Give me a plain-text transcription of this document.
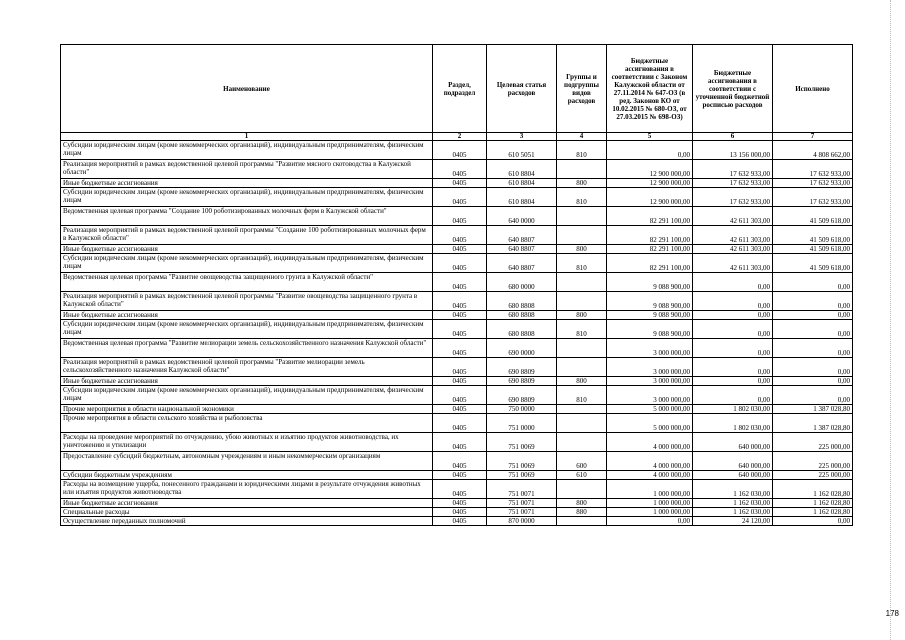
Наименование	Раздел, подраздел	Целевая статья расходов	Группы и подгруппы видов расходов	Бюджетные ассигнования в соответствии с Законом Калужской области от 27.11.2014 № 647-ОЗ (в ред. Законов КО от 10.02.2015 № 680-ОЗ, от 27.03.2015 № 698-ОЗ)	Бюджетные ассигнования в соответствии с уточненной бюджетной росписью расходов	Исполнено
1	2	3	4	5	6	7
Субсидии юридическим лицам (кроме некоммерческих организаций), индивидуальным предпринимателям, физическим лицам	0405	610 5051	810	0,00	13 156 000,00	4 808 662,00
Реализация мероприятий в рамках ведомственной целевой программы "Развитие мясного скотоводства в Калужской области"	0405	610 8804		12 900 000,00	17 632 933,00	17 632 933,00
Иные бюджетные ассигнования	0405	610 8804	800	12 900 000,00	17 632 933,00	17 632 933,00
Субсидии юридическим лицам (кроме некоммерческих организаций), индивидуальным предпринимателям, физическим лицам	0405	610 8804	810	12 900 000,00	17 632 933,00	17 632 933,00
Ведомственная целевая программа "Создание 100 роботизированных молочных ферм в Калужской области"	0405	640 0000		82 291 100,00	42 611 303,00	41 509 618,00
Реализация мероприятий в рамках ведомственной целевой программы "Создание 100 роботизированных молочных ферм в Калужской области"	0405	640 8807		82 291 100,00	42 611 303,00	41 509 618,00
Иные бюджетные ассигнования	0405	640 8807	800	82 291 100,00	42 611 303,00	41 509 618,00
Субсидии юридическим лицам (кроме некоммерческих организаций), индивидуальным предпринимателям, физическим лицам	0405	640 8807	810	82 291 100,00	42 611 303,00	41 509 618,00
Ведомственная целевая программа "Развитие овощеводства защищенного грунта в Калужской области"	0405	680 0000		9 088 900,00	0,00	0,00
Реализация мероприятий в рамках ведомственной целевой программы "Развитие овощеводства защищенного грунта в Калужской области"	0405	680 8808		9 088 900,00	0,00	0,00
Иные бюджетные ассигнования	0405	680 8808	800	9 088 900,00	0,00	0,00
Субсидии юридическим лицам (кроме некоммерческих организаций), индивидуальным предпринимателям, физическим лицам	0405	680 8808	810	9 088 900,00	0,00	0,00
Ведомственная целевая программа "Развитие мелиорации земель сельскохозяйственного назначения Калужской области"	0405	690 0000		3 000 000,00	0,00	0,00
Реализация мероприятий в рамках ведомственной целевой программы "Развитие мелиорации земель сельскохозяйственного назначения Калужской области"	0405	690 8809		3 000 000,00	0,00	0,00
Иные бюджетные ассигнования	0405	690 8809	800	3 000 000,00	0,00	0,00
Субсидии юридическим лицам (кроме некоммерческих организаций), индивидуальным предпринимателям, физическим лицам	0405	690 8809	810	3 000 000,00	0,00	0,00
Прочие мероприятия в области национальной экономики	0405	750 0000		5 000 000,00	1 802 030,00	1 387 028,80
Прочие мероприятия в области сельского хозяйства и рыболовства	0405	751 0000		5 000 000,00	1 802 030,00	1 387 028,80
Расходы на проведение мероприятий по отчуждению, убою животных и изъятию продуктов животноводства, их уничтожению и утилизации	0405	751 0069		4 000 000,00	640 000,00	225 000,00
Предоставление субсидий бюджетным, автономным учреждениям и иным некоммерческим организациям	0405	751 0069	600	4 000 000,00	640 000,00	225 000,00
Субсидии бюджетным учреждениям	0405	751 0069	610	4 000 000,00	640 000,00	225 000,00
Расходы на возмещение ущерба, понесенного гражданами и юридическими лицами в результате отчуждения животных или изъятия продуктов животноводства	0405	751 0071		1 000 000,00	1 162 030,00	1 162 028,80
Иные бюджетные ассигнования	0405	751 0071	800	1 000 000,00	1 162 030,00	1 162 028,80
Специальные расходы	0405	751 0071	880	1 000 000,00	1 162 030,00	1 162 028,80
Осуществление переданных полномочий	0405	870 0000		0,00	24 120,00	0,00
178
